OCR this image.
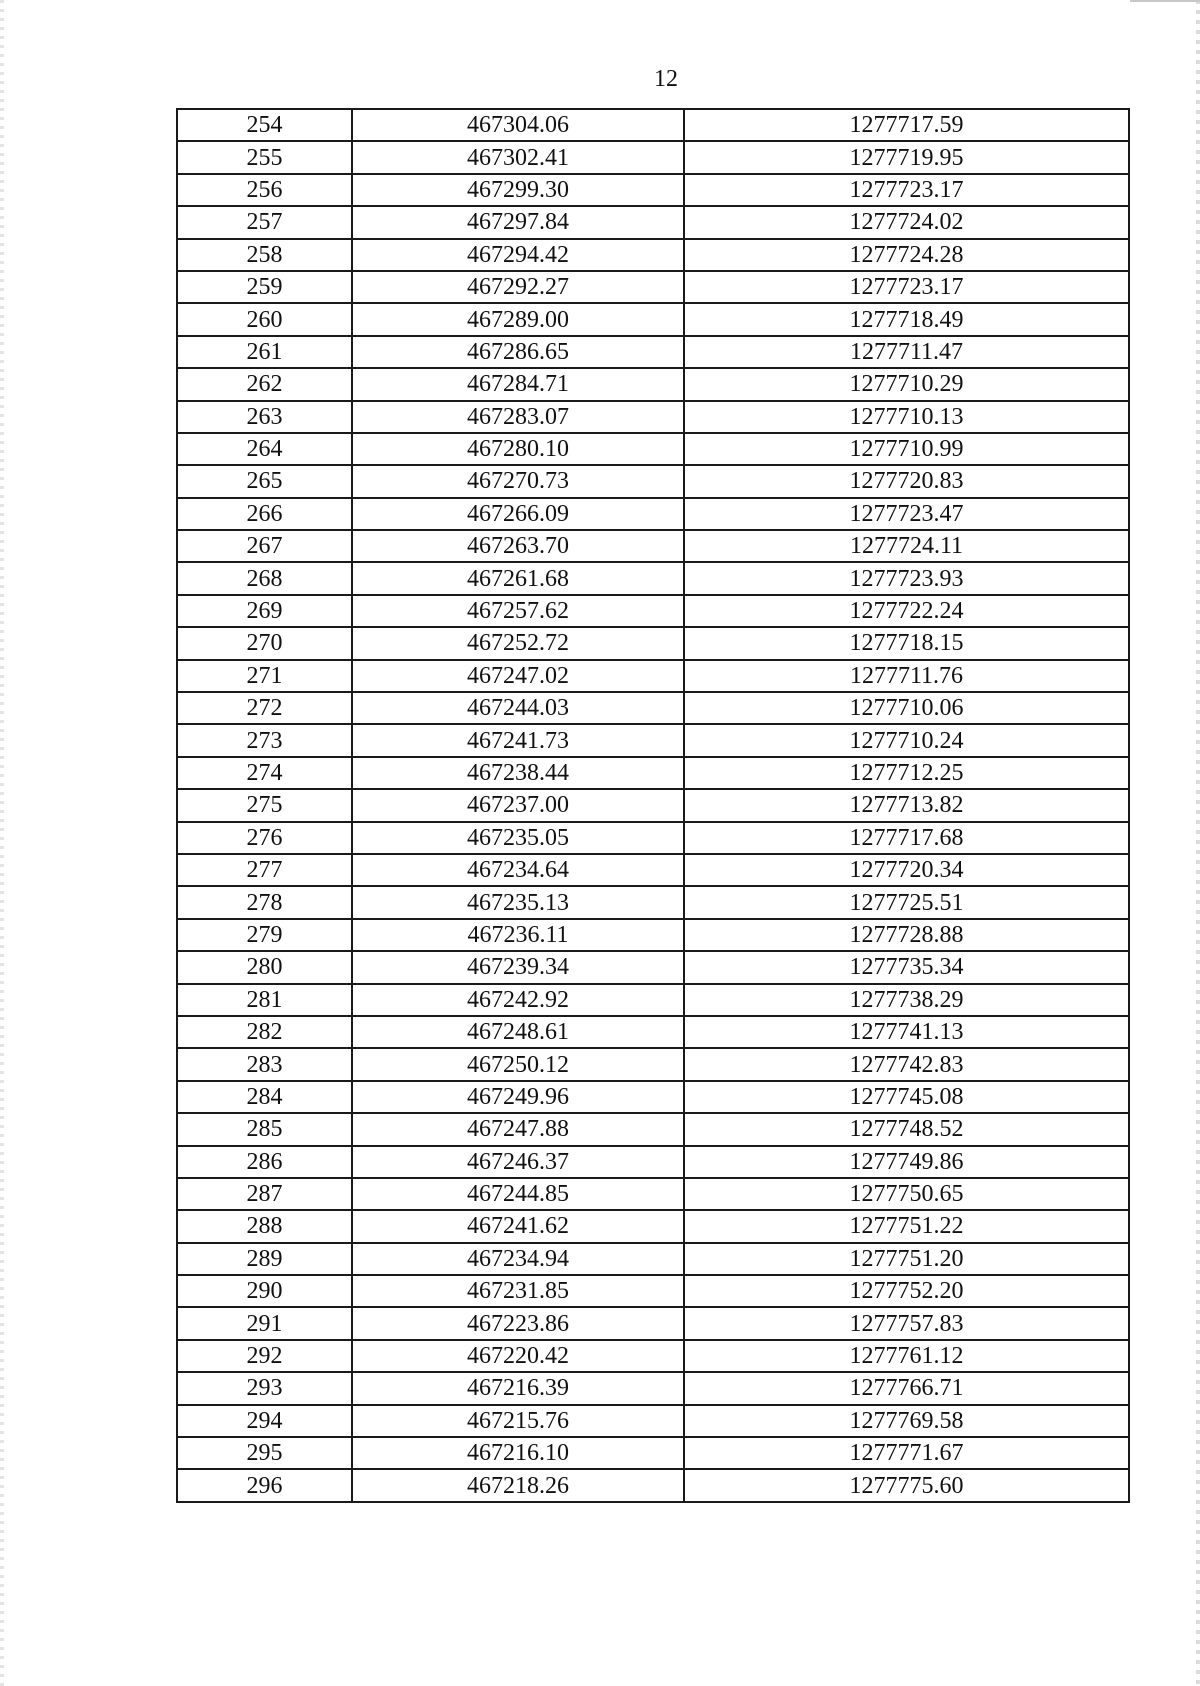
12
254	467304.06	1277717.59
255	467302.41	1277719.95
256	467299.30	1277723.17
257	467297.84	1277724.02
258	467294.42	1277724.28
259	467292.27	1277723.17
260	467289.00	1277718.49
261	467286.65	1277711.47
262	467284.71	1277710.29
263	467283.07	1277710.13
264	467280.10	1277710.99
265	467270.73	1277720.83
266	467266.09	1277723.47
267	467263.70	1277724.11
268	467261.68	1277723.93
269	467257.62	1277722.24
270	467252.72	1277718.15
271	467247.02	1277711.76
272	467244.03	1277710.06
273	467241.73	1277710.24
274	467238.44	1277712.25
275	467237.00	1277713.82
276	467235.05	1277717.68
277	467234.64	1277720.34
278	467235.13	1277725.51
279	467236.11	1277728.88
280	467239.34	1277735.34
281	467242.92	1277738.29
282	467248.61	1277741.13
283	467250.12	1277742.83
284	467249.96	1277745.08
285	467247.88	1277748.52
286	467246.37	1277749.86
287	467244.85	1277750.65
288	467241.62	1277751.22
289	467234.94	1277751.20
290	467231.85	1277752.20
291	467223.86	1277757.83
292	467220.42	1277761.12
293	467216.39	1277766.71
294	467215.76	1277769.58
295	467216.10	1277771.67
296	467218.26	1277775.60
